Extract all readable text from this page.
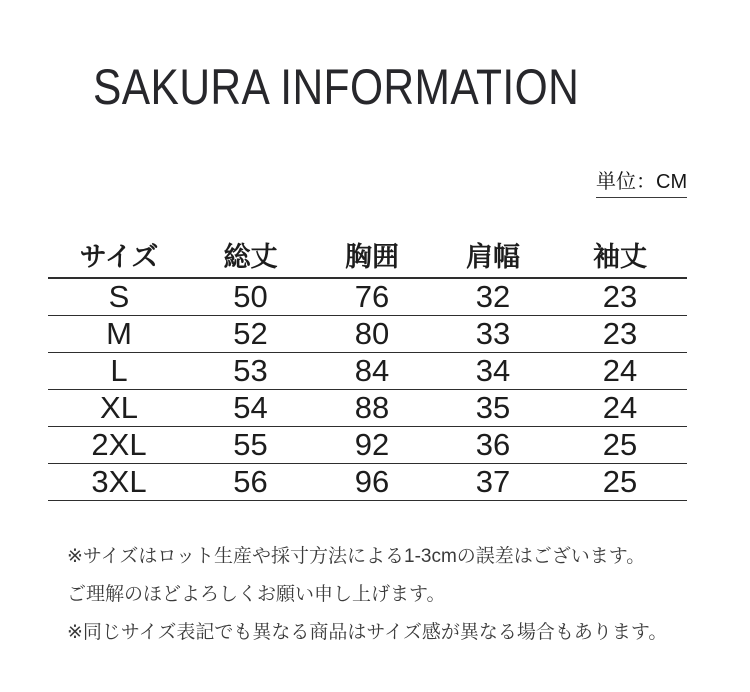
SAKURA INFORMATION
単位：CM
サイズ	総丈	胸囲	肩幅	袖丈
S	50	76	32	23
M	52	80	33	23
L	53	84	34	24
XL	54	88	35	24
2XL	55	92	36	25
3XL	56	96	37	25
※サイズはロット生産や採寸方法による1-3cmの誤差はございます。
ご理解のほどよろしくお願い申し上げます。
※同じサイズ表記でも異なる商品はサイズ感が異なる場合もあります。
